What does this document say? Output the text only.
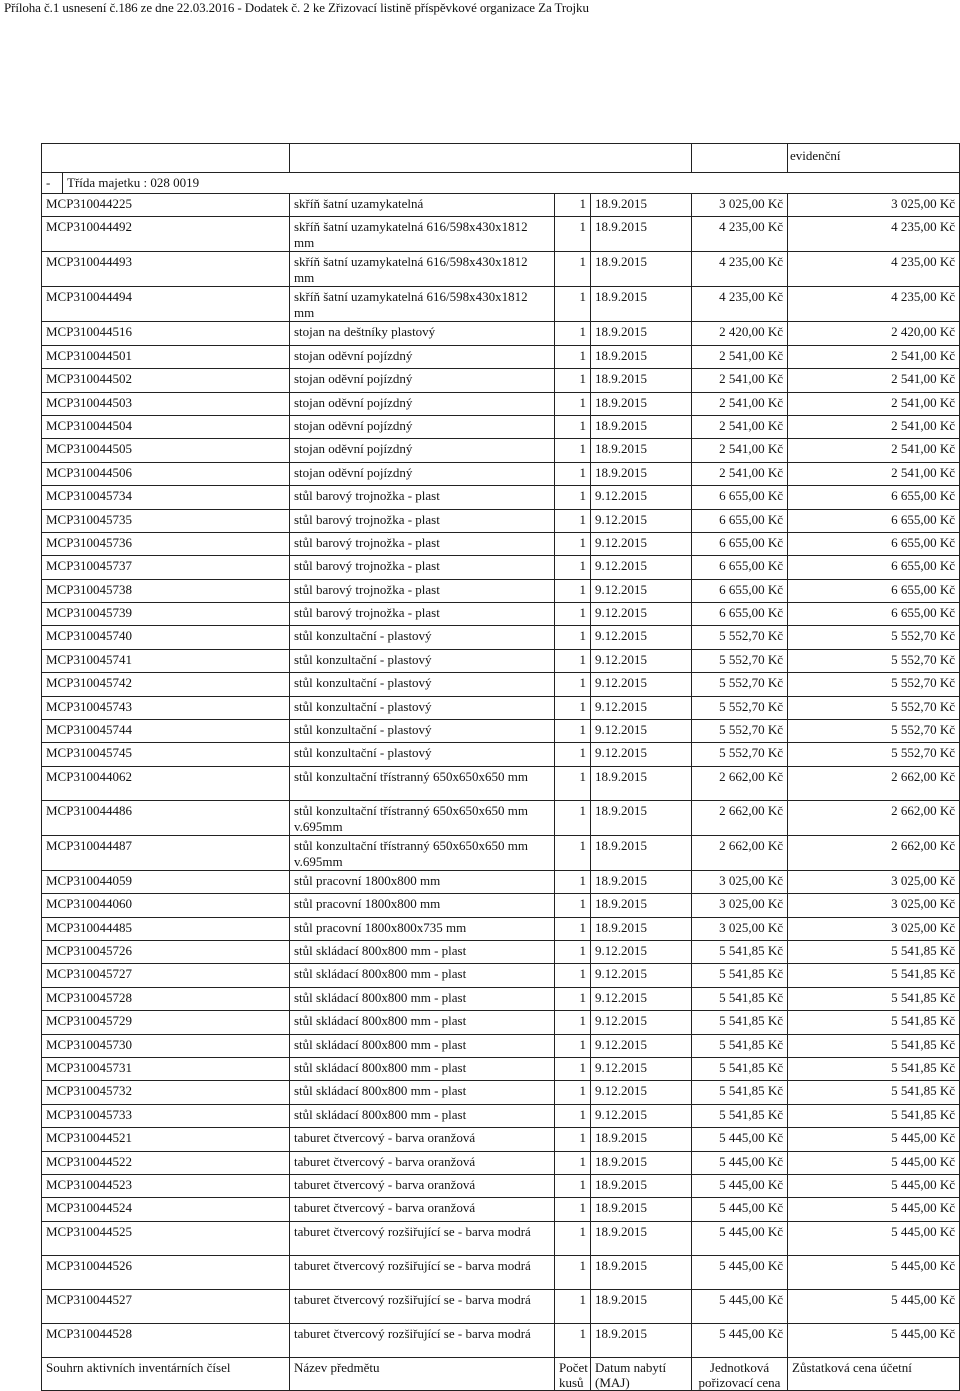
Příloha č.1 usnesení č.186 ze dne 22.03.2016 - Dodatek č. 2 ke Zřizovací listině příspěvkové organizace Za Trojku
						evidenční
-	Třída majetku : 028 0019					
MCP310044225		skříň šatní uzamykatelná	1	18.9.2015	3 025,00 Kč	3 025,00 Kč
MCP310044492		skříň šatní uzamykatelná 616/598x430x1812 mm	1	18.9.2015	4 235,00 Kč	4 235,00 Kč
MCP310044493		skříň šatní uzamykatelná 616/598x430x1812 mm	1	18.9.2015	4 235,00 Kč	4 235,00 Kč
MCP310044494		skříň šatní uzamykatelná 616/598x430x1812 mm	1	18.9.2015	4 235,00 Kč	4 235,00 Kč
MCP310044516		stojan na deštníky plastový	1	18.9.2015	2 420,00 Kč	2 420,00 Kč
MCP310044501		stojan oděvní pojízdný	1	18.9.2015	2 541,00 Kč	2 541,00 Kč
MCP310044502		stojan oděvní pojízdný	1	18.9.2015	2 541,00 Kč	2 541,00 Kč
MCP310044503		stojan oděvní pojízdný	1	18.9.2015	2 541,00 Kč	2 541,00 Kč
MCP310044504		stojan oděvní pojízdný	1	18.9.2015	2 541,00 Kč	2 541,00 Kč
MCP310044505		stojan oděvní pojízdný	1	18.9.2015	2 541,00 Kč	2 541,00 Kč
MCP310044506		stojan oděvní pojízdný	1	18.9.2015	2 541,00 Kč	2 541,00 Kč
MCP310045734		stůl barový trojnožka - plast	1	9.12.2015	6 655,00 Kč	6 655,00 Kč
MCP310045735		stůl barový trojnožka - plast	1	9.12.2015	6 655,00 Kč	6 655,00 Kč
MCP310045736		stůl barový trojnožka - plast	1	9.12.2015	6 655,00 Kč	6 655,00 Kč
MCP310045737		stůl barový trojnožka - plast	1	9.12.2015	6 655,00 Kč	6 655,00 Kč
MCP310045738		stůl barový trojnožka - plast	1	9.12.2015	6 655,00 Kč	6 655,00 Kč
MCP310045739		stůl barový trojnožka - plast	1	9.12.2015	6 655,00 Kč	6 655,00 Kč
MCP310045740		stůl konzultační - plastový	1	9.12.2015	5 552,70 Kč	5 552,70 Kč
MCP310045741		stůl konzultační - plastový	1	9.12.2015	5 552,70 Kč	5 552,70 Kč
MCP310045742		stůl konzultační - plastový	1	9.12.2015	5 552,70 Kč	5 552,70 Kč
MCP310045743		stůl konzultační - plastový	1	9.12.2015	5 552,70 Kč	5 552,70 Kč
MCP310045744		stůl konzultační - plastový	1	9.12.2015	5 552,70 Kč	5 552,70 Kč
MCP310045745		stůl konzultační - plastový	1	9.12.2015	5 552,70 Kč	5 552,70 Kč
MCP310044062		stůl konzultační třístranný 650x650x650 mm	1	18.9.2015	2 662,00 Kč	2 662,00 Kč
MCP310044486		stůl konzultační třístranný 650x650x650 mm v.695mm	1	18.9.2015	2 662,00 Kč	2 662,00 Kč
MCP310044487		stůl konzultační třístranný 650x650x650 mm v.695mm	1	18.9.2015	2 662,00 Kč	2 662,00 Kč
MCP310044059		stůl pracovní 1800x800 mm	1	18.9.2015	3 025,00 Kč	3 025,00 Kč
MCP310044060		stůl pracovní 1800x800 mm	1	18.9.2015	3 025,00 Kč	3 025,00 Kč
MCP310044485		stůl pracovní 1800x800x735 mm	1	18.9.2015	3 025,00 Kč	3 025,00 Kč
MCP310045726		stůl skládací 800x800 mm - plast	1	9.12.2015	5 541,85 Kč	5 541,85 Kč
MCP310045727		stůl skládací 800x800 mm - plast	1	9.12.2015	5 541,85 Kč	5 541,85 Kč
MCP310045728		stůl skládací 800x800 mm - plast	1	9.12.2015	5 541,85 Kč	5 541,85 Kč
MCP310045729		stůl skládací 800x800 mm - plast	1	9.12.2015	5 541,85 Kč	5 541,85 Kč
MCP310045730		stůl skládací 800x800 mm - plast	1	9.12.2015	5 541,85 Kč	5 541,85 Kč
MCP310045731		stůl skládací 800x800 mm - plast	1	9.12.2015	5 541,85 Kč	5 541,85 Kč
MCP310045732		stůl skládací 800x800 mm - plast	1	9.12.2015	5 541,85 Kč	5 541,85 Kč
MCP310045733		stůl skládací 800x800 mm - plast	1	9.12.2015	5 541,85 Kč	5 541,85 Kč
MCP310044521		taburet čtvercový - barva oranžová	1	18.9.2015	5 445,00 Kč	5 445,00 Kč
MCP310044522		taburet čtvercový - barva oranžová	1	18.9.2015	5 445,00 Kč	5 445,00 Kč
MCP310044523		taburet čtvercový - barva oranžová	1	18.9.2015	5 445,00 Kč	5 445,00 Kč
MCP310044524		taburet čtvercový - barva oranžová	1	18.9.2015	5 445,00 Kč	5 445,00 Kč
MCP310044525		taburet čtvercový rozšiřující se - barva modrá	1	18.9.2015	5 445,00 Kč	5 445,00 Kč
MCP310044526		taburet čtvercový rozšiřující se - barva modrá	1	18.9.2015	5 445,00 Kč	5 445,00 Kč
MCP310044527		taburet čtvercový rozšiřující se - barva modrá	1	18.9.2015	5 445,00 Kč	5 445,00 Kč
MCP310044528		taburet čtvercový rozšiřující se - barva modrá	1	18.9.2015	5 445,00 Kč	5 445,00 Kč
Souhrn aktivních inventárních čísel		Název předmětu	Počet kusů	Datum nabytí (MAJ)	Jednotková pořizovací cena	Zůstatková cena účetní
